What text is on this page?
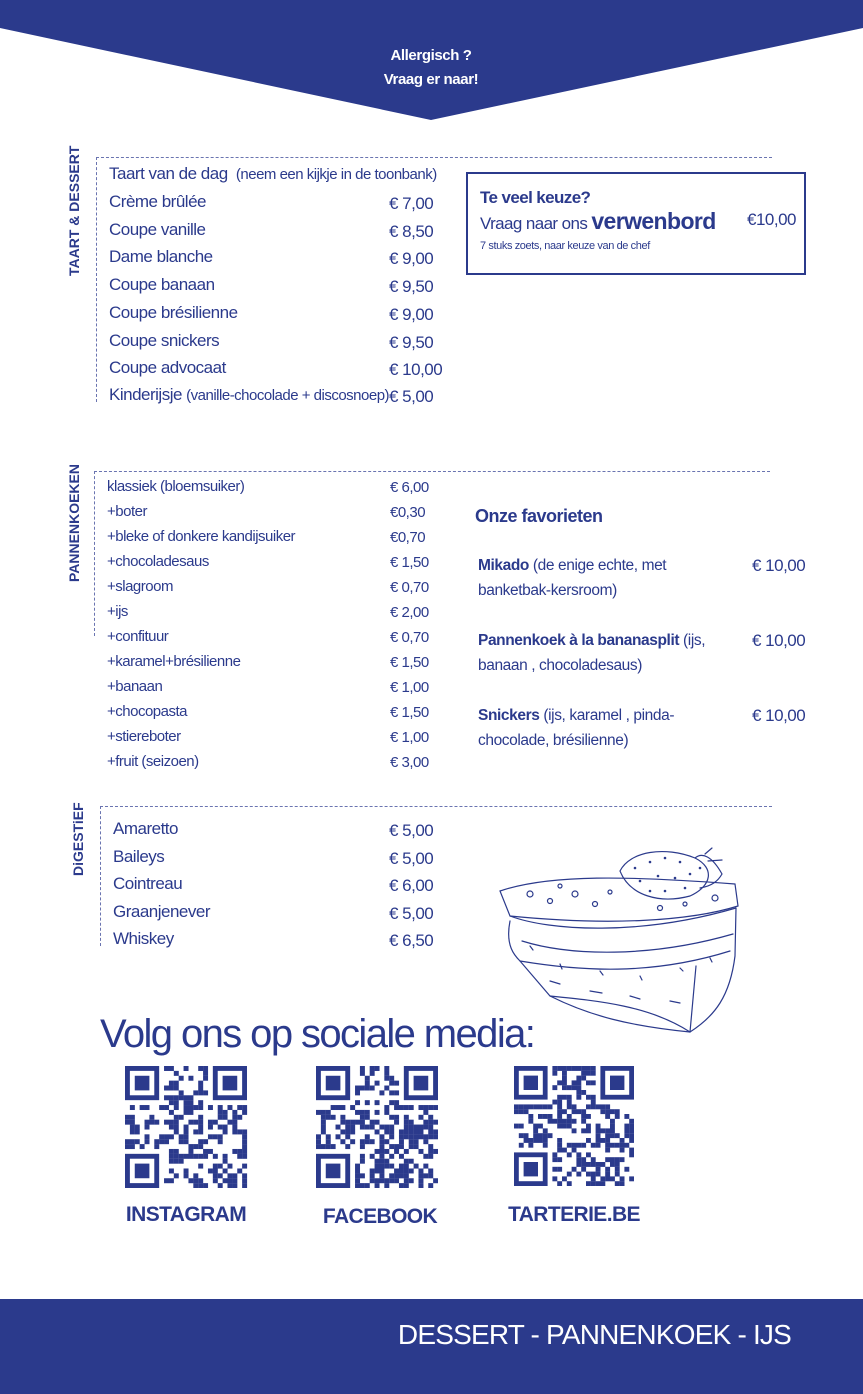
Allergisch ?
Vraag er naar!
TAART & DESSERT Taart van de dag (neem een kijkje in de toonbank)
Crème brûlée	€ 7,00
Coupe vanille	€ 8,50
Dame blanche	€ 9,00
Coupe banaan	€ 9,50
Coupe brésilienne	€ 9,00
Coupe snickers	€ 9,50
Coupe advocaat	€ 10,00
Kinderijsje (vanille-chocolade + discosnoep) € 5,00
Te veel keuze?
Vraag naar ons verwenbord
7 stuks zoets, naar keuze van de chef
€10,00
PANNENKOEKEN klassiek (bloemsuiker)	€ 6,00
+boter	€0,30
+bleke of donkere kandijsuiker	€0,70
+chocoladesaus	€ 1,50
+slagroom	€ 0,70
+ijs	€ 2,00
+confituur	€ 0,70
+karamel+brésilienne	€ 1,50
+banaan	€ 1,00
+chocopasta	€ 1,50
+stiereboter	€ 1,00
+fruit (seizoen)	€ 3,00
Onze favorieten
Mikado (de enige echte, met banketbak-kersroom)
€ 10,00
Pannenkoek à la bananasplit (ijs, banaan , chocoladesaus)
€ 10,00
Snickers (ijs, karamel , pinda-chocolade, brésilienne)
€ 10,00
DiGESTiEF Amaretto	€ 5,00
Baileys	€ 5,00
Cointreau	€ 6,00
Graanjenever	€ 5,00
Whiskey	€ 6,50
Volg ons op sociale media:
INSTAGRAM	FACEBOOK	TARTERIE.BE
DESSERT - PANNENKOEK - IJS
